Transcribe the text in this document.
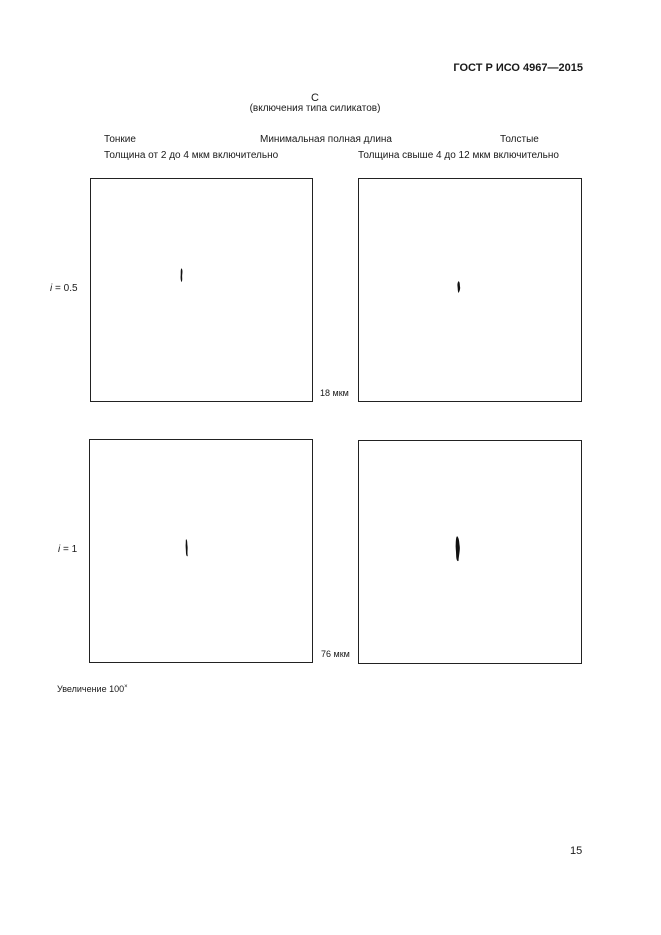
ГОСТ Р ИСО 4967—2015
С
(включения типа силикатов)
Тонкие	Минимальная полная длина	Толстые
Толщина от 2 до 4 мкм включительно	Толщина свыше 4 до 12 мкм включительно
i = 0.5
18 мкм
i = 1
76 мкм
Увеличение 100×
15
